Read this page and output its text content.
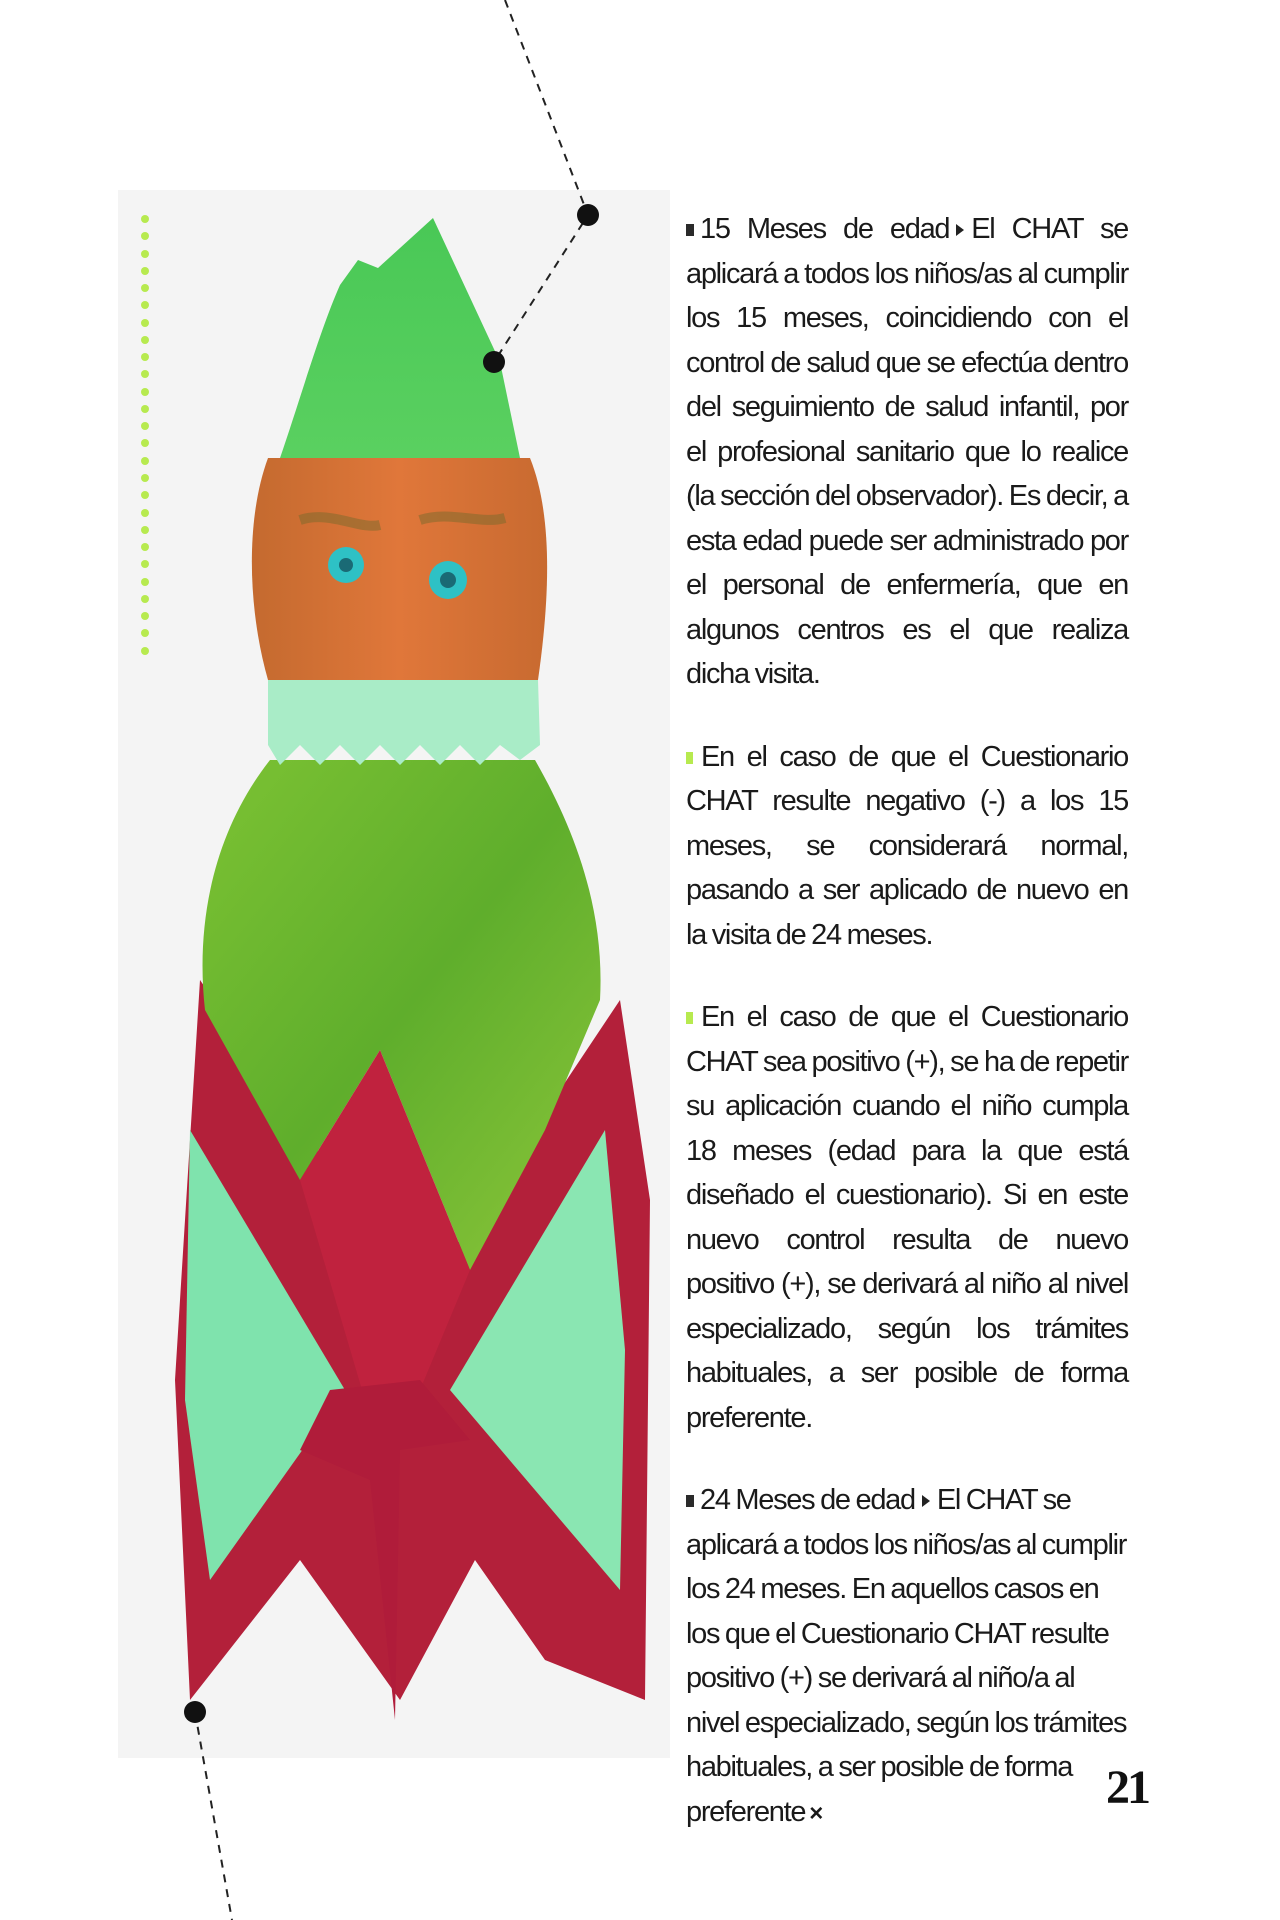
15 Meses de edad El CHAT se aplicará a todos los niños/as al cumplir los 15 meses, coincidiendo con el control de salud que se efectúa dentro del seguimiento de salud infantil, por el profesional sanitario que lo realice (la sección del observador). Es decir, a esta edad puede ser administrado por el personal de enfermería, que en algunos centros es el que realiza dicha visita.

En el caso de que el Cuestionario CHAT resulte negativo (-) a los 15 meses, se considerará normal, pasando a ser aplicado de nuevo en la visita de 24 meses.

En el caso de que el Cuestionario CHAT sea positivo (+), se ha de repetir su aplicación cuando el niño cumpla 18 meses (edad para la que está diseñado el cuestionario). Si en este nuevo control resulta de nuevo positivo (+), se derivará al niño al nivel especializado, según los trámites habituales, a ser posible de forma preferente.

24 Meses de edad El CHAT se aplicará a todos los niños/as al cumplir los 24 meses. En aquellos casos en los que el Cuestionario CHAT resulte positivo (+) se derivará al niño/a al nivel especializado, según los trámites habituales, a ser posible de forma preferente ×	21
